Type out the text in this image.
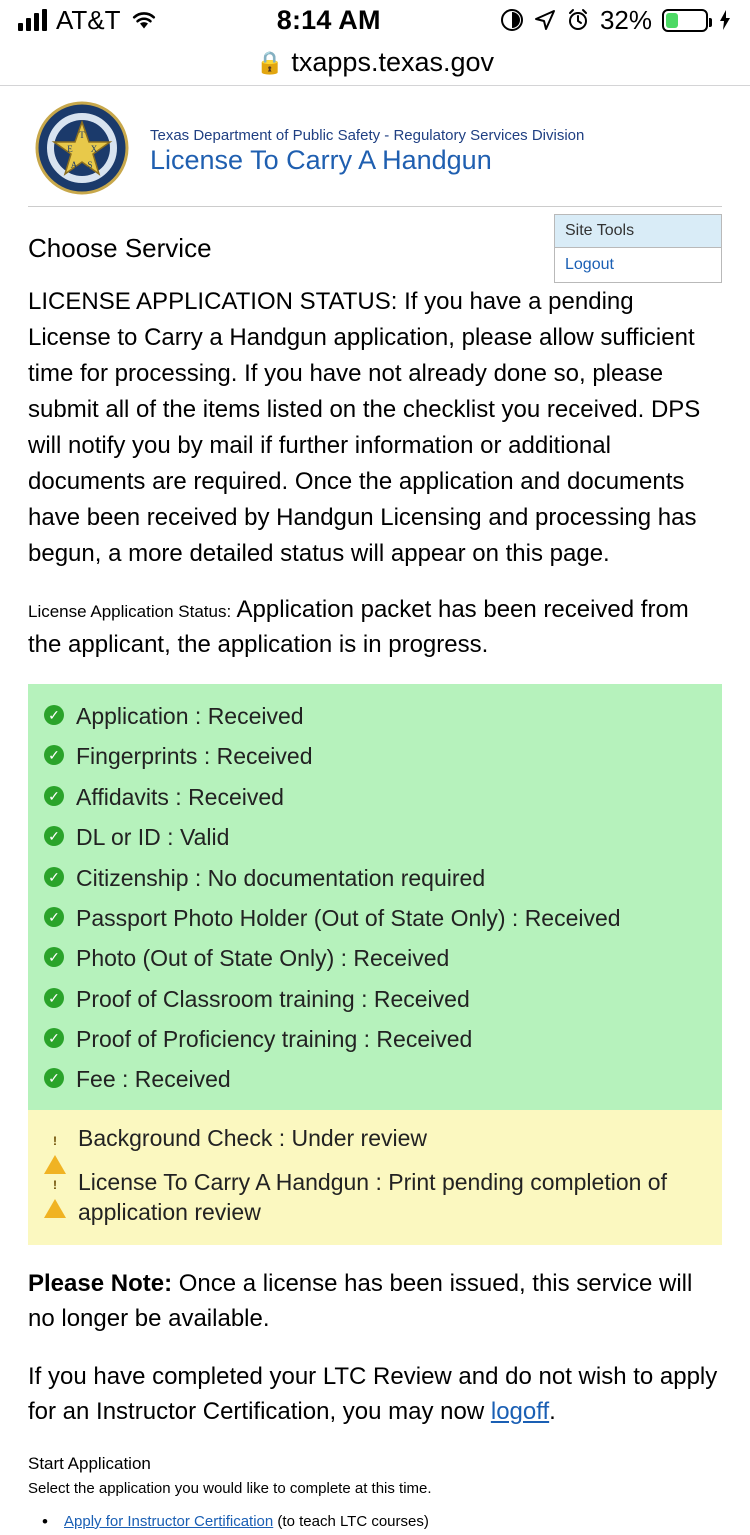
AT&T	8:14 AM	32%
🔒 txapps.texas.gov
Site Tools
Logout
T
E X
A S
Texas Department of Public Safety - Regulatory Services Division
License To Carry A Handgun
Choose Service

LICENSE APPLICATION STATUS: If you have a pending License to Carry a Handgun application, please allow sufficient time for processing. If you have not already done so, please submit all of the items listed on the checklist you received. DPS will notify you by mail if further information or additional documents are required. Once the application and documents have been received by Handgun Licensing and processing has begun, a more detailed status will appear on this page.

License Application Status: Application packet has been received from the applicant, the application is in progress.
✓ Application : Received
✓ Fingerprints : Received
✓ Affidavits : Received
✓ DL or ID : Valid
✓ Citizenship : No documentation required
✓ Passport Photo Holder (Out of State Only) : Received
✓ Photo (Out of State Only) : Received
✓ Proof of Classroom training : Received
✓ Proof of Proficiency training : Received
✓ Fee : Received
!
Background Check : Under review
!
License To Carry A Handgun : Print pending completion of application review

Please Note: Once a license has been issued, this service will no longer be available.

If you have completed your LTC Review and do not wish to apply for an Instructor Certification, you may now logoff.

Start Application
Select the application you would like to complete at this time.
• Apply for Instructor Certification (to teach LTC courses)
